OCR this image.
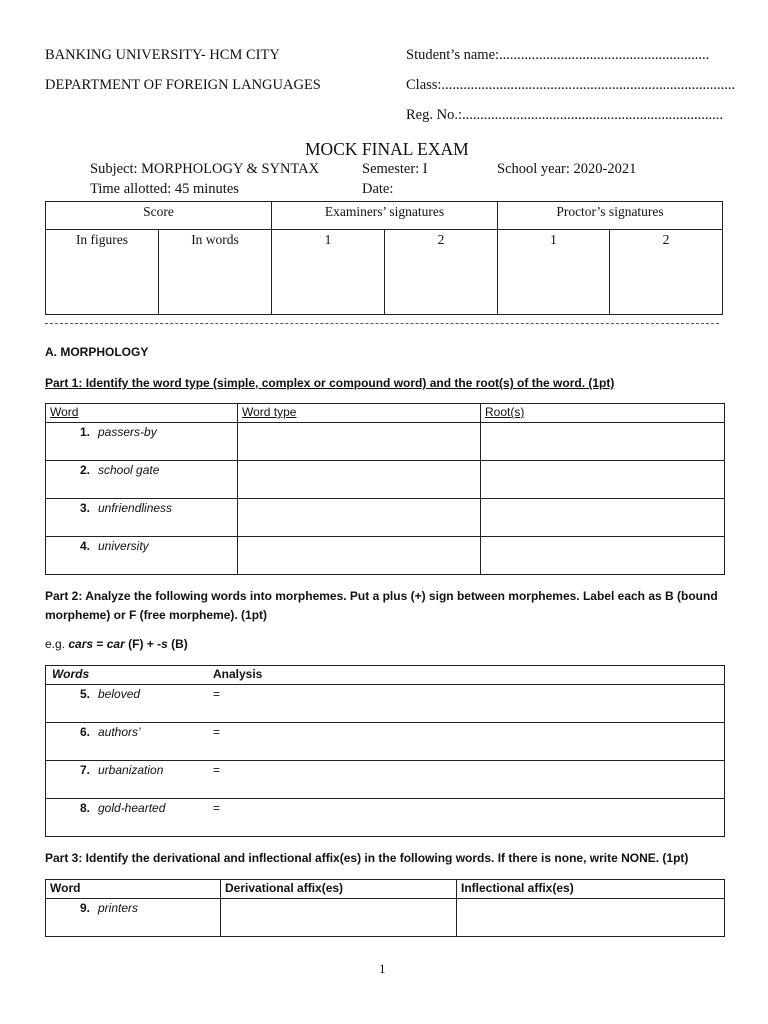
BANKING UNIVERSITY- HCM CITY
DEPARTMENT OF FOREIGN LANGUAGES
Student’s name:..........................................................
Class:.................................................................................
Reg. No.:........................................................................
MOCK FINAL EXAM
Subject: MORPHOLOGY & SYNTAX	Semester: I	School year: 2020-2021
Time allotted: 45 minutes	Date:
Score		Examiners’ signatures		Proctor’s signatures	
In figures	In words	1	2	1	2
A. MORPHOLOGY
Part 1: Identify the word type (simple, complex or compound word) and the root(s) of the word. (1pt)
Word	Word type	Root(s)
1. passers-by		
2. school gate		
3. unfriendliness		
4. university		
Part 2: Analyze the following words into morphemes. Put a plus (+) sign between morphemes. Label each as B (bound
morpheme) or F (free morpheme). (1pt)
e.g. cars = car (F) + -s (B)
Words	Analysis

5. beloved	=

6. authors’	=

7. urbanization	=

8. gold-hearted	=
Part 3: Identify the derivational and inflectional affix(es) in the following words. If there is none, write NONE. (1pt)
Word	Derivational affix(es)	Inflectional affix(es)
9. printers		
1
